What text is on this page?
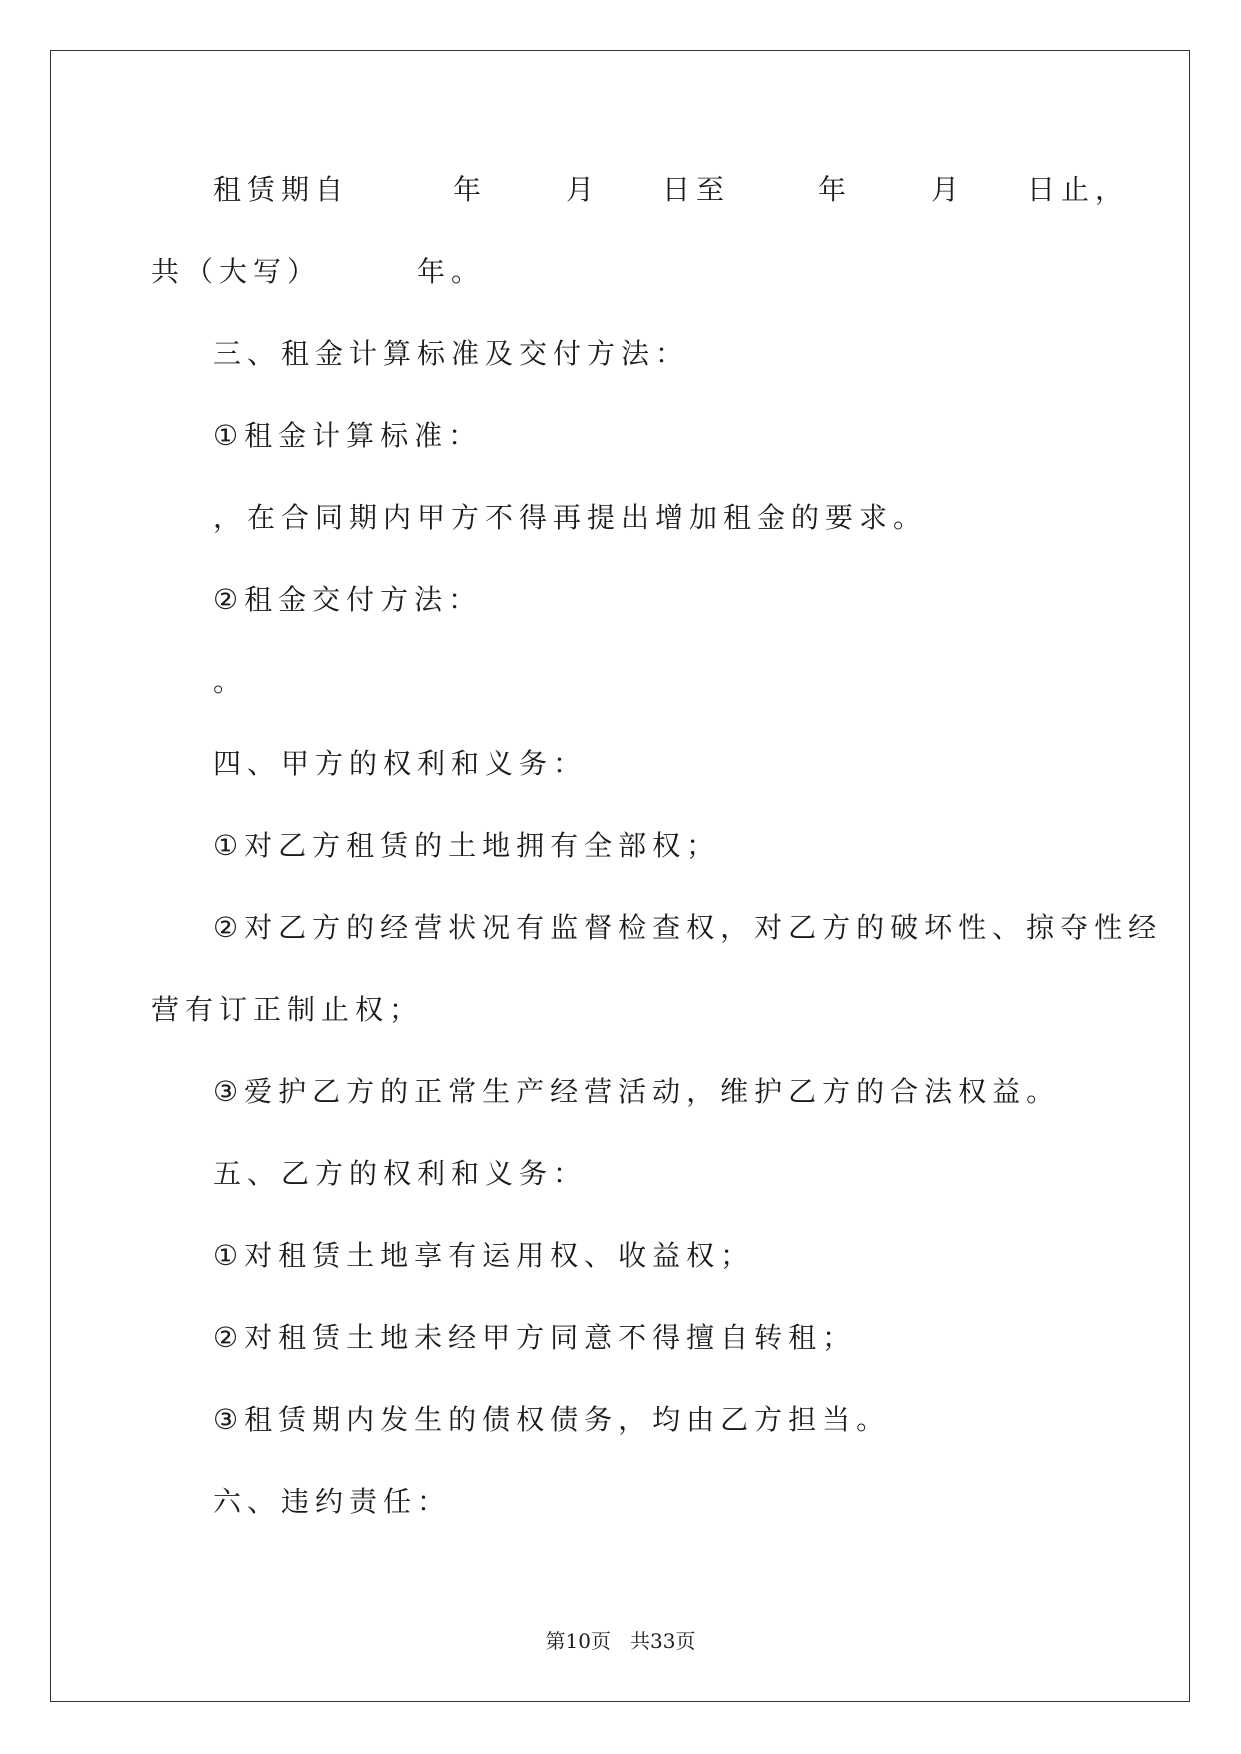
租赁期自	年	月 日至	年	月 日止，
共（大写）	年。
三、租金计算标准及交付方法：
①租金计算标准：
，在合同期内甲方不得再提出增加租金的要求。
②租金交付方法：
。
四、甲方的权利和义务：
①对乙方租赁的土地拥有全部权；
②对乙方的经营状况有监督检查权，对乙方的破坏性、掠夺性经
营有订正制止权；
③爱护乙方的正常生产经营活动，维护乙方的合法权益。
五、乙方的权利和义务：
①对租赁土地享有运用权、收益权；
②对租赁土地未经甲方同意不得擅自转租；
③租赁期内发生的债权债务，均由乙方担当。
六、违约责任：
第10页 共33页
